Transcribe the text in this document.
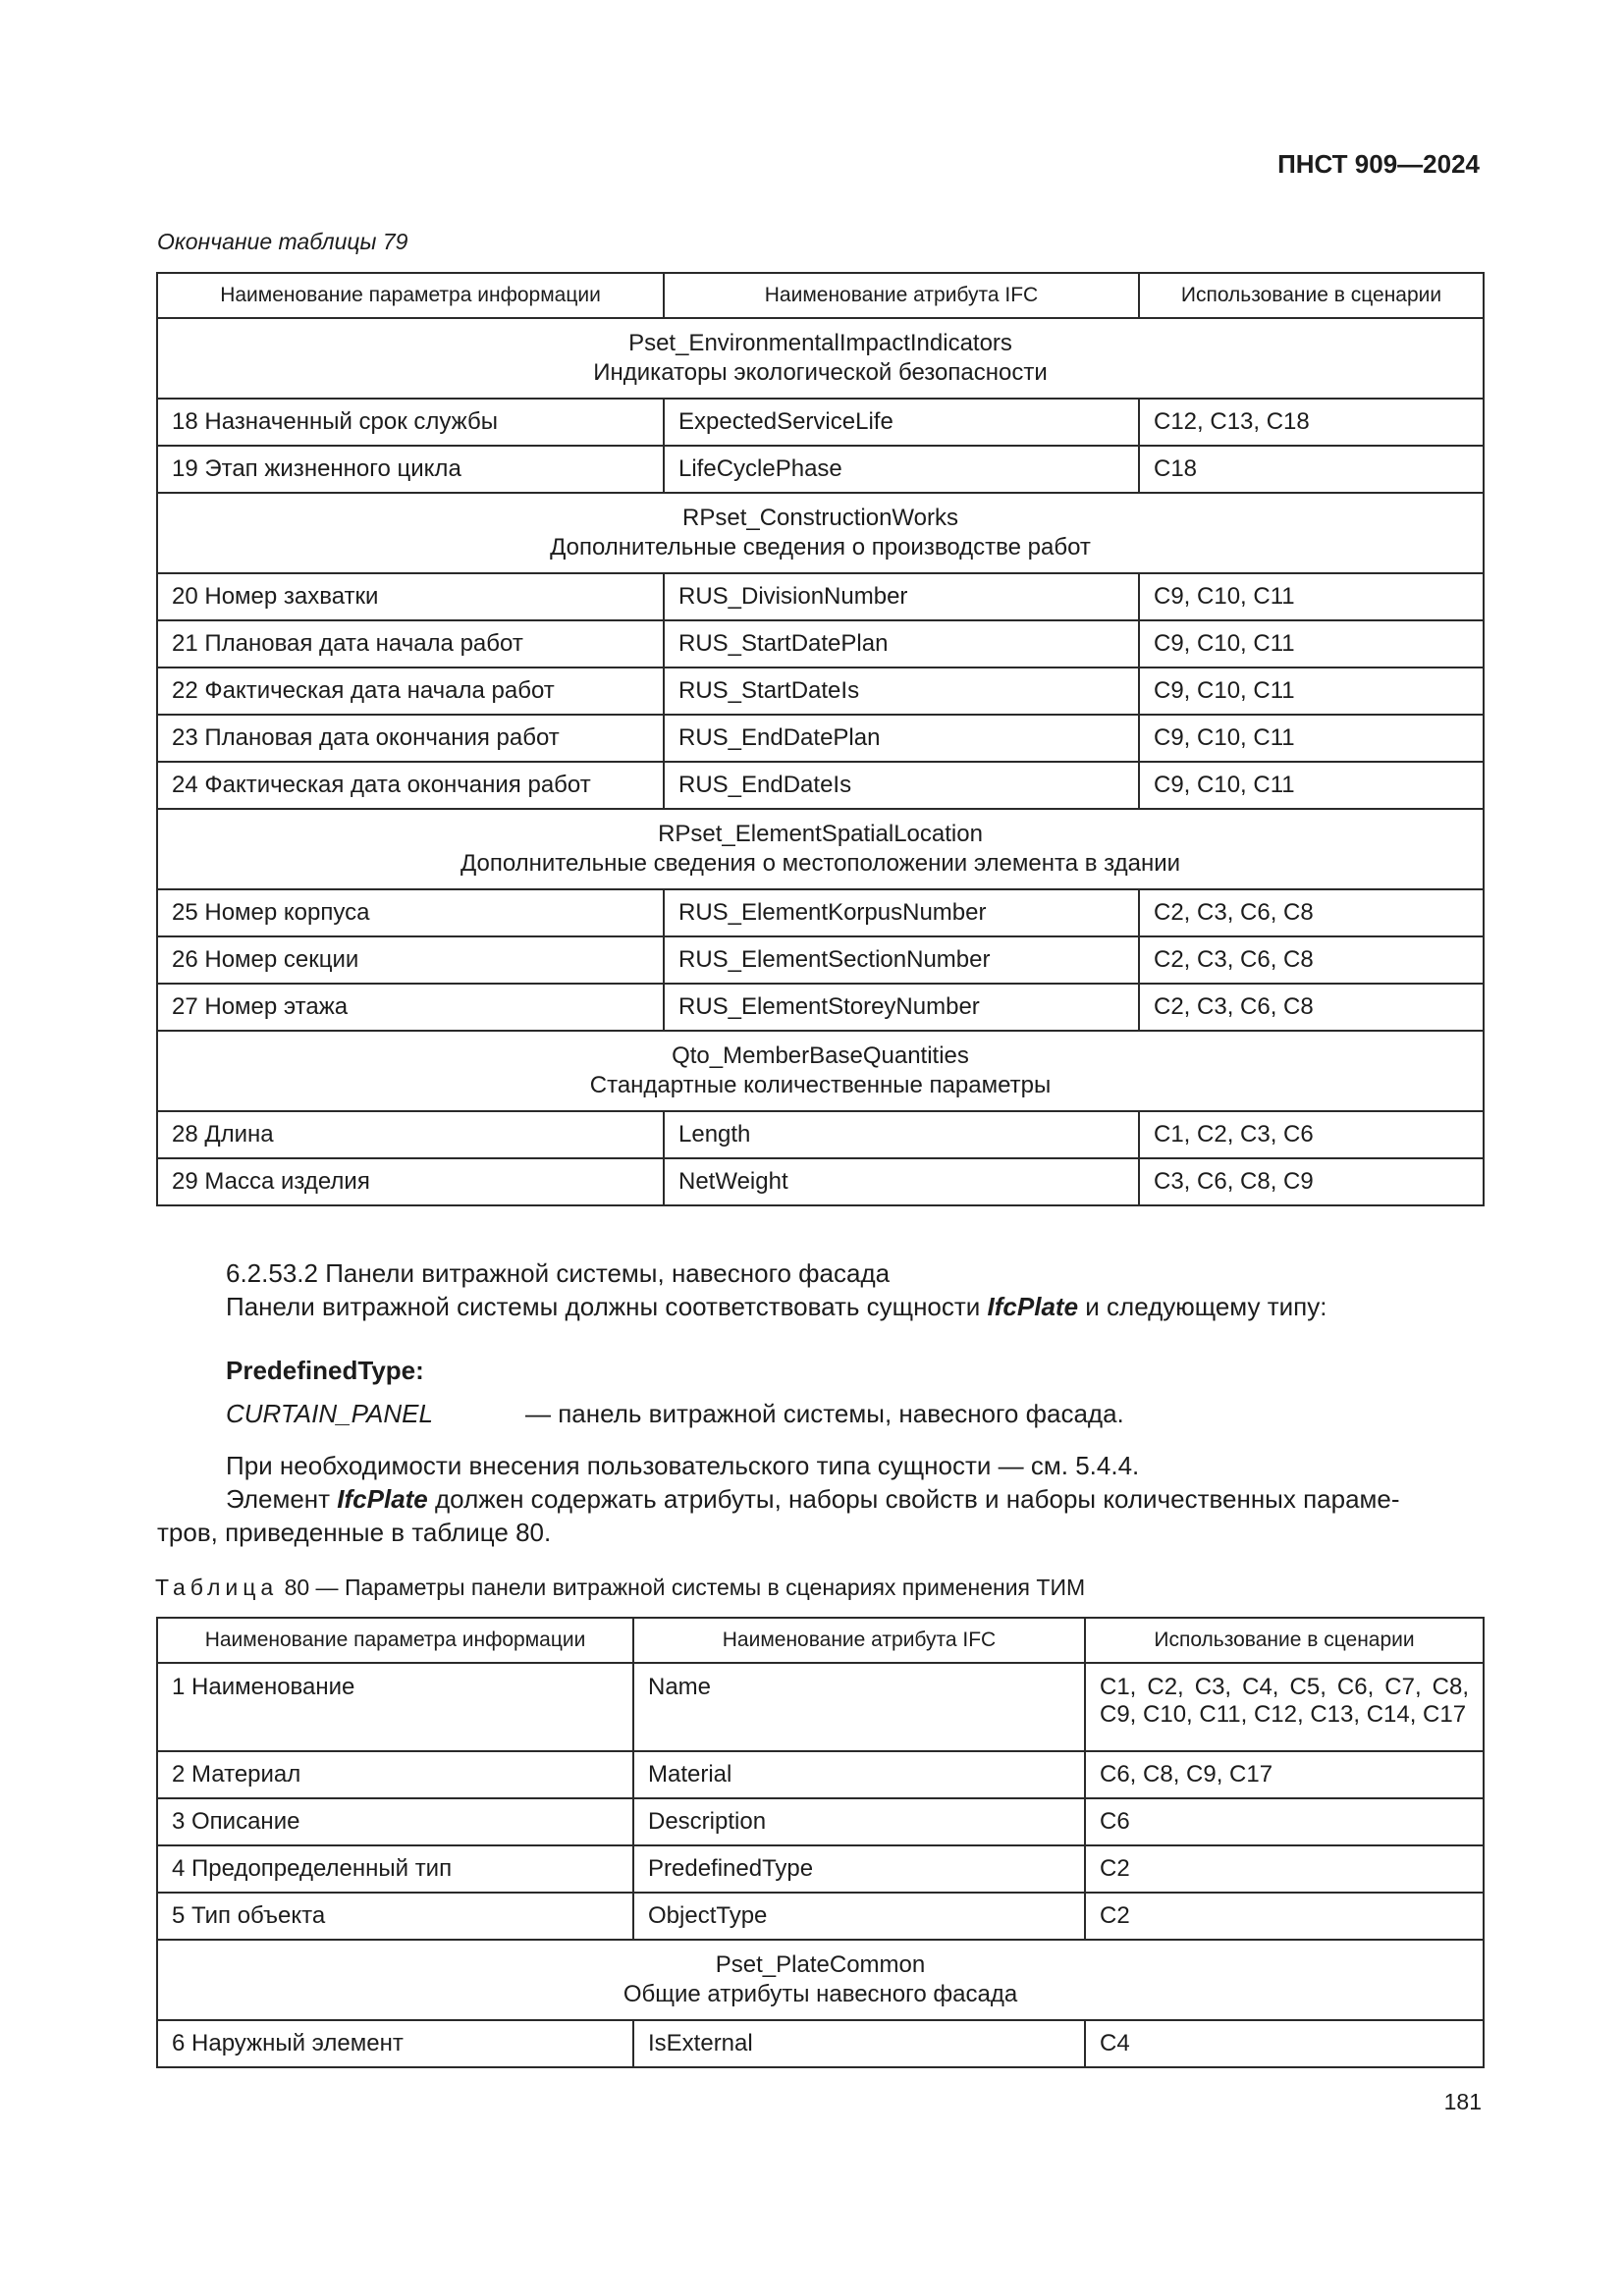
ПНСТ 909—2024
Окончание таблицы 79
Наименование параметра информации	Наименование атрибута IFC	Использование в сценарии

Pset_EnvironmentalImpactIndicators
Индикаторы экологической безопасности		

18 Назначенный срок службы	ExpectedServiceLife	С12, С13, С18
19 Этап жизненного цикла	LifeCyclePhase	С18

RPset_ConstructionWorks
Дополнительные сведения о производстве работ		

20 Номер захватки	RUS_DivisionNumber	С9, С10, С11
21 Плановая дата начала работ	RUS_StartDatePlan	С9, С10, С11
22 Фактическая дата начала работ	RUS_StartDateIs	С9, С10, С11
23 Плановая дата окончания работ	RUS_EndDatePlan	С9, С10, С11
24 Фактическая дата окончания работ	RUS_EndDateIs	С9, С10, С11

RPset_ElementSpatialLocation
Дополнительные сведения о местоположении элемента в здании		

25 Номер корпуса	RUS_ElementKorpusNumber	С2, С3, С6, С8
26 Номер секции	RUS_ElementSectionNumber	С2, С3, С6, С8
27 Номер этажа	RUS_ElementStoreyNumber	С2, С3, С6, С8

Qto_MemberBaseQuantities
Стандартные количественные параметры		

28 Длина	Length	С1, С2, С3, С6
29 Масса изделия	NetWeight	С3, С6, С8, С9
6.2.53.2 Панели витражной системы, навесного фасада
Панели витражной системы должны соответствовать сущности IfcPlate и следующему типу:
PredefinedType:
CURTAIN_PANEL	— панель витражной системы, навесного фасада.
При необходимости внесения пользовательского типа сущности — см. 5.4.4.
Элемент IfcPlate должен содержать атрибуты, наборы свойств и наборы количественных параме-
тров, приведенные в таблице 80.
Таблица 80 — Параметры панели витражной системы в сценариях применения ТИМ
Наименование параметра информации	Наименование атрибута IFC	Использование в сценарии
1 Наименование	Name	С1, С2, С3, С4, С5, С6, С7, С8,
С9, С10, С11, С12, С13, С14, С17

2 Материал	Material	С6, С8, С9, С17
3 Описание	Description	С6
4 Предопределенный тип	PredefinedType	С2
5 Тип объекта	ObjectType	С2

Pset_PlateCommon
Общие атрибуты навесного фасада		

6 Наружный элемент	IsExternal	С4
181
